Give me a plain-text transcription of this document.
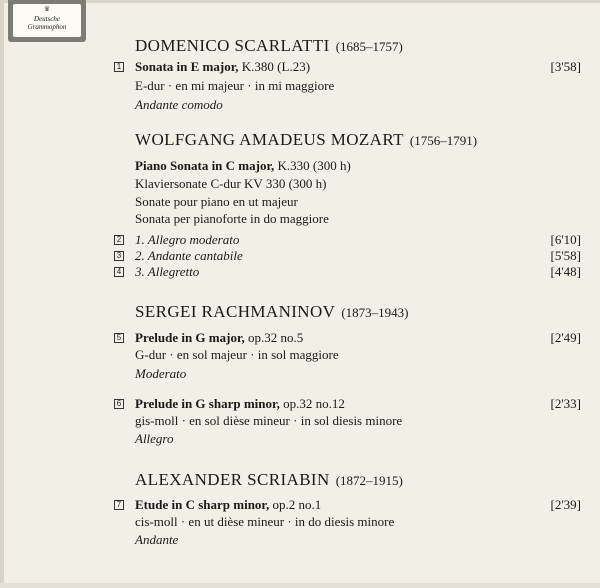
♛
Deutsche
Grammophon
DOMENICO SCARLATTI (1685–1757)
1 Sonata in E major, K.380 (L.23)	[3'58]
E-dur · en mi majeur · in mi maggiore
Andante comodo
WOLFGANG AMADEUS MOZART (1756–1791)
Piano Sonata in C major, K.330 (300 h)
Klaviersonate C-dur KV 330 (300 h)
Sonate pour piano en ut majeur
Sonata per pianoforte in do maggiore
2 1. Allegro moderato	[6'10]
3 2. Andante cantabile	[5'58]
4 3. Allegretto	[4'48]
SERGEI RACHMANINOV (1873–1943)
5 Prelude in G major, op.32 no.5	[2'49]
G-dur · en sol majeur · in sol maggiore
Moderato
6 Prelude in G sharp minor, op.32 no.12	[2'33]
gis-moll · en sol dièse mineur · in sol diesis minore
Allegro
ALEXANDER SCRIABIN (1872–1915)
7 Etude in C sharp minor, op.2 no.1	[2'39]
cis-moll · en ut dièse mineur · in do diesis minore
Andante
